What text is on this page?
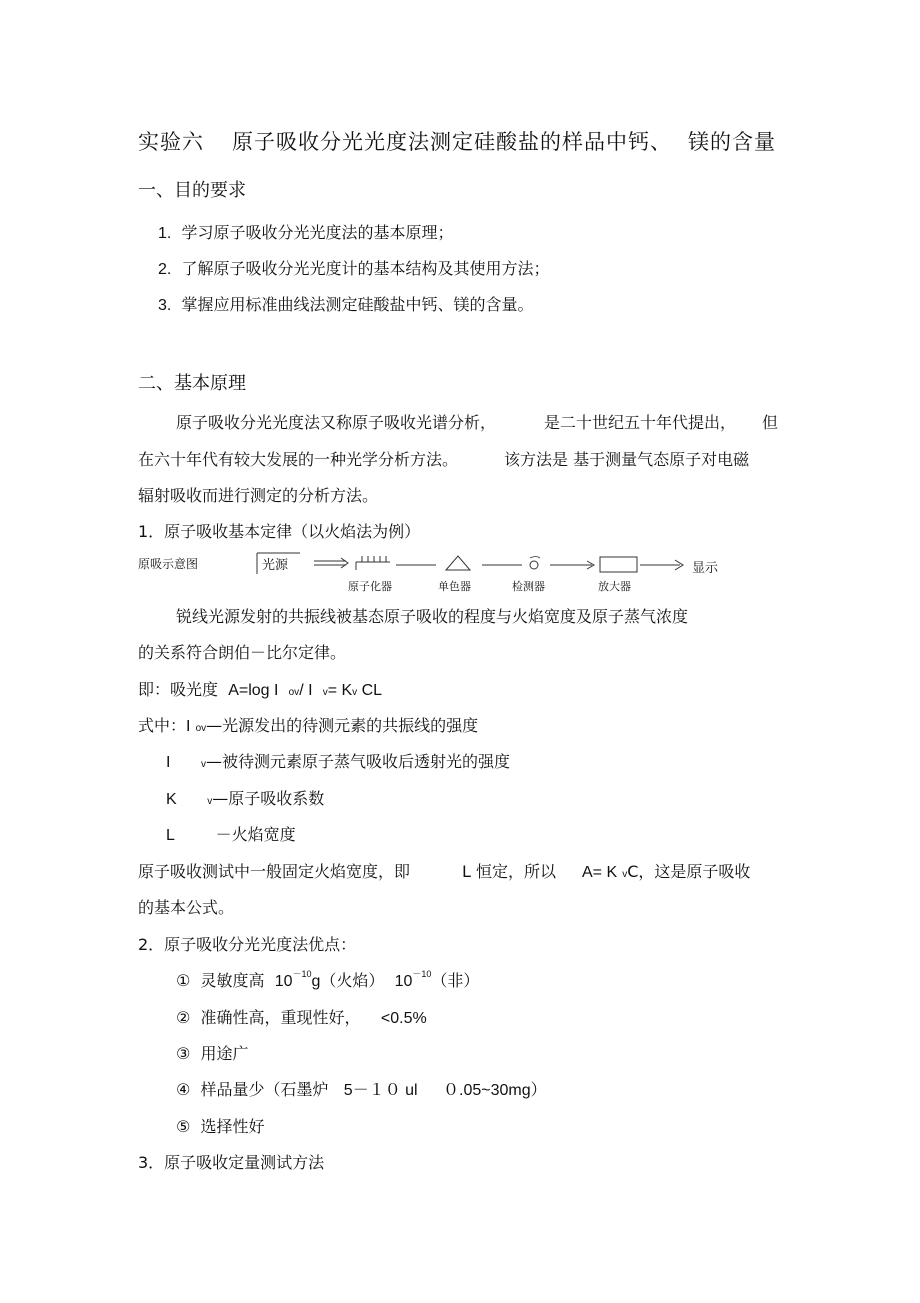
实验六 原子吸收分光光度法测定硅酸盐的样品中钙、 镁的含量
一、目的要求
1. 学习原子吸收分光光度法的基本原理；
2. 了解原子吸收分光光度计的基本结构及其使用方法；
3. 掌握应用标准曲线法测定硅酸盐中钙、镁的含量。
二、基本原理
原子吸收分光光度法又称原子吸收光谱分析，	是二十世纪五十年代提出， 但
在六十年代有较大发展的一种光学分析方法。	该方法是 基于测量气态原子对电磁
辐射吸收而进行测定的分析方法。
1．原子吸收基本定律（以火焰法为例）
原吸示意图	光源
原子化器	单色器	检测器	放大器
显示
锐线光源发射的共振线被基态原子吸收的程度与火焰宽度及原子蒸气浓度
的关系符合朗伯－比尔定律。
即：吸光度 A=log I ov/ I v= Kv CL
式中：I ov—光源发出的待测元素的共振线的强度
I	v—被待测元素原子蒸气吸收后透射光的强度
K	v—原子吸收系数
L	－火焰宽度
原子吸收测试中一般固定火焰宽度，即	L 恒定，所以 A= K vC，这是原子吸收
的基本公式。
2．原子吸收分光光度法优点：
① 灵敏度高 $10^{-10}g$（火焰） $10^{-10}$（非）
② 准确性高，重现性好， <0.5%
③ 用途广
④ 样品量少（石墨炉 5－１０ ul ０.05~30mg）
⑤ 选择性好
3．原子吸收定量测试方法
